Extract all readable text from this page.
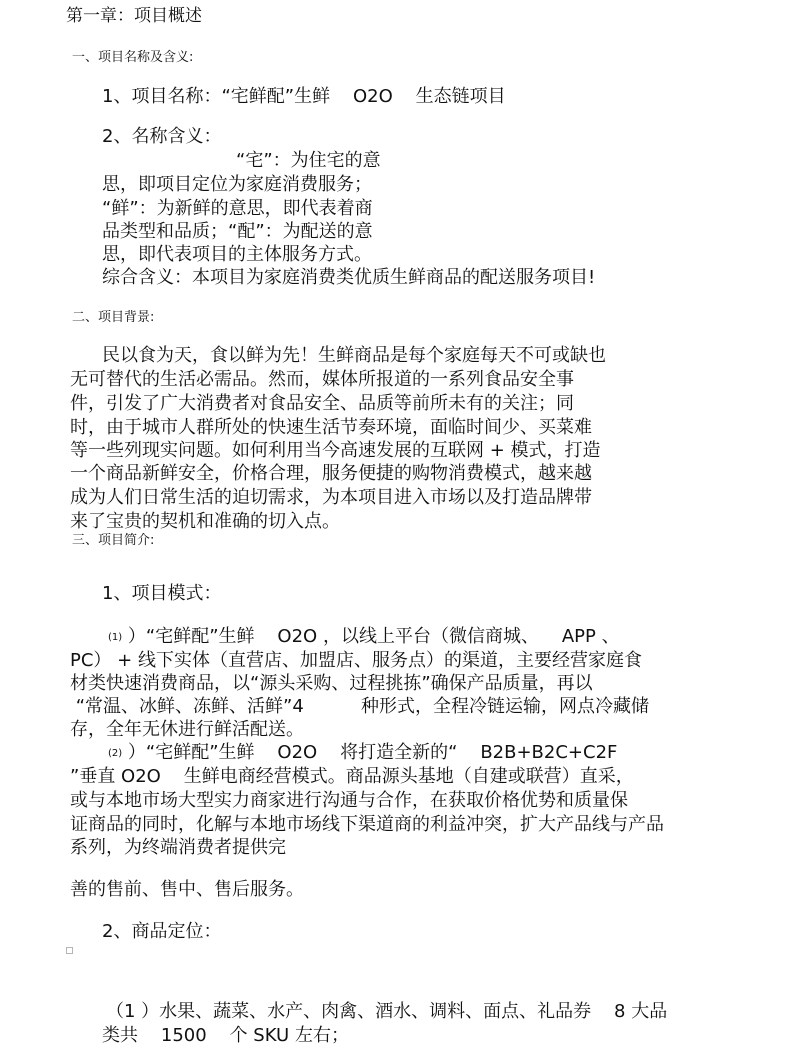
第一章：项目概述
一、项目名称及含义:
1、项目名称：“宅鲜配”生鲜    O2O    生态链项目
2、名称含义：
“宅”：为住宅的意
思，即项目定位为家庭消费服务；
“鲜”：为新鲜的意思，即代表着商
品类型和品质；“配”：为配送的意
思，即代表项目的主体服务方式。
综合含义：本项目为家庭消费类优质生鲜商品的配送服务项目!
二、项目背景:
民以食为天，食以鲜为先！生鲜商品是每个家庭每天不可或缺也
无可替代的生活必需品。然而，媒体所报道的一系列食品安全事
件，引发了广大消费者对食品安全、品质等前所未有的关注；同
时，由于城市人群所处的快速生活节奏环境，面临时间少、买菜难
等一些列现实问题。如何利用当今高速发展的互联网 + 模式，打造
一个商品新鲜安全，价格合理，服务便捷的购物消费模式，越来越
成为人们日常生活的迫切需求，为本项目进入市场以及打造品牌带
来了宝贵的契机和准确的切入点。
三、项目简介:
1、项目模式：
$^{(1)}$ ）“宅鲜配”生鲜    O2O ，以线上平台（微信商城、    APP 、
PC） + 线下实体（直营店、加盟店、服务点）的渠道，主要经营家庭食
材类快速消费商品，以“源头采购、过程挑拣”确保产品质量，再以
“常温、冰鲜、冻鲜、活鲜”4          种形式，全程冷链运输，网点冷藏储
存，全年无休进行鲜活配送。
$^{(2)}$ ）“宅鲜配”生鲜    O2O    将打造全新的“    B2B+B2C+C2F
”垂直 O2O    生鲜电商经营模式。商品源头基地（自建或联营）直采，
或与本地市场大型实力商家进行沟通与合作，在获取价格优势和质量保
证商品的同时，化解与本地市场线下渠道商的利益冲突，扩大产品线与产品
系列，为终端消费者提供完
善的售前、售中、售后服务。
2、商品定位：
（1 ）水果、蔬菜、水产、肉禽、酒水、调料、面点、礼品券    8 大品
类共    1500    个 SKU 左右；
